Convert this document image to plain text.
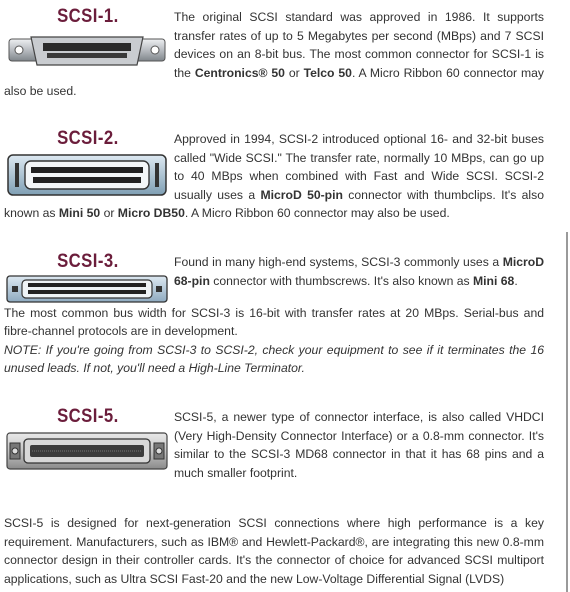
SCSI-1.	The original SCSI standard was approved in 1986. It supports transfer rates of up to 5 Megabytes per second (MBps) and 7 SCSI devices on an 8-bit bus. The most common connector for SCSI-1 is the Centronics® 50 or Telco 50. A Micro Ribbon 60 connector may also be used.

SCSI-2.	Approved in 1994, SCSI-2 introduced optional 16- and 32-bit buses called "Wide SCSI." The transfer rate, normally 10 MBps, can go up to 40 MBps when combined with Fast and Wide SCSI. SCSI-2 usually uses a MicroD 50-pin connector with thumbclips. It's also known as Mini 50 or Micro DB50. A Micro Ribbon 60 connector may also be used.

SCSI-3.	Found in many high-end systems, SCSI-3 commonly uses a MicroD 68-pin connector with thumbscrews. It's also known as Mini 68.

The most common bus width for SCSI-3 is 16-bit with transfer rates at 20 MBps. Serial-bus and fibre-channel protocols are in development.

NOTE: If you're going from SCSI-3 to SCSI-2, check your equipment to see if it terminates the 16 unused leads. If not, you'll need a High-Line Terminator.

SCSI-5.	SCSI-5, a newer type of connector interface, is also called VHDCI (Very High-Density Connector Interface) or a 0.8-mm connector. It's similar to the SCSI-3 MD68 connector in that it has 68 pins and a much smaller footprint.

SCSI-5 is designed for next-generation SCSI connections where high performance is a key requirement. Manufacturers, such as IBM® and Hewlett-Packard®, are integrating this new 0.8-mm connector design in their controller cards. It's the connector of choice for advanced SCSI multiport applications, such as Ultra SCSI Fast-20 and the new Low-Voltage Differential Signal (LVDS)
